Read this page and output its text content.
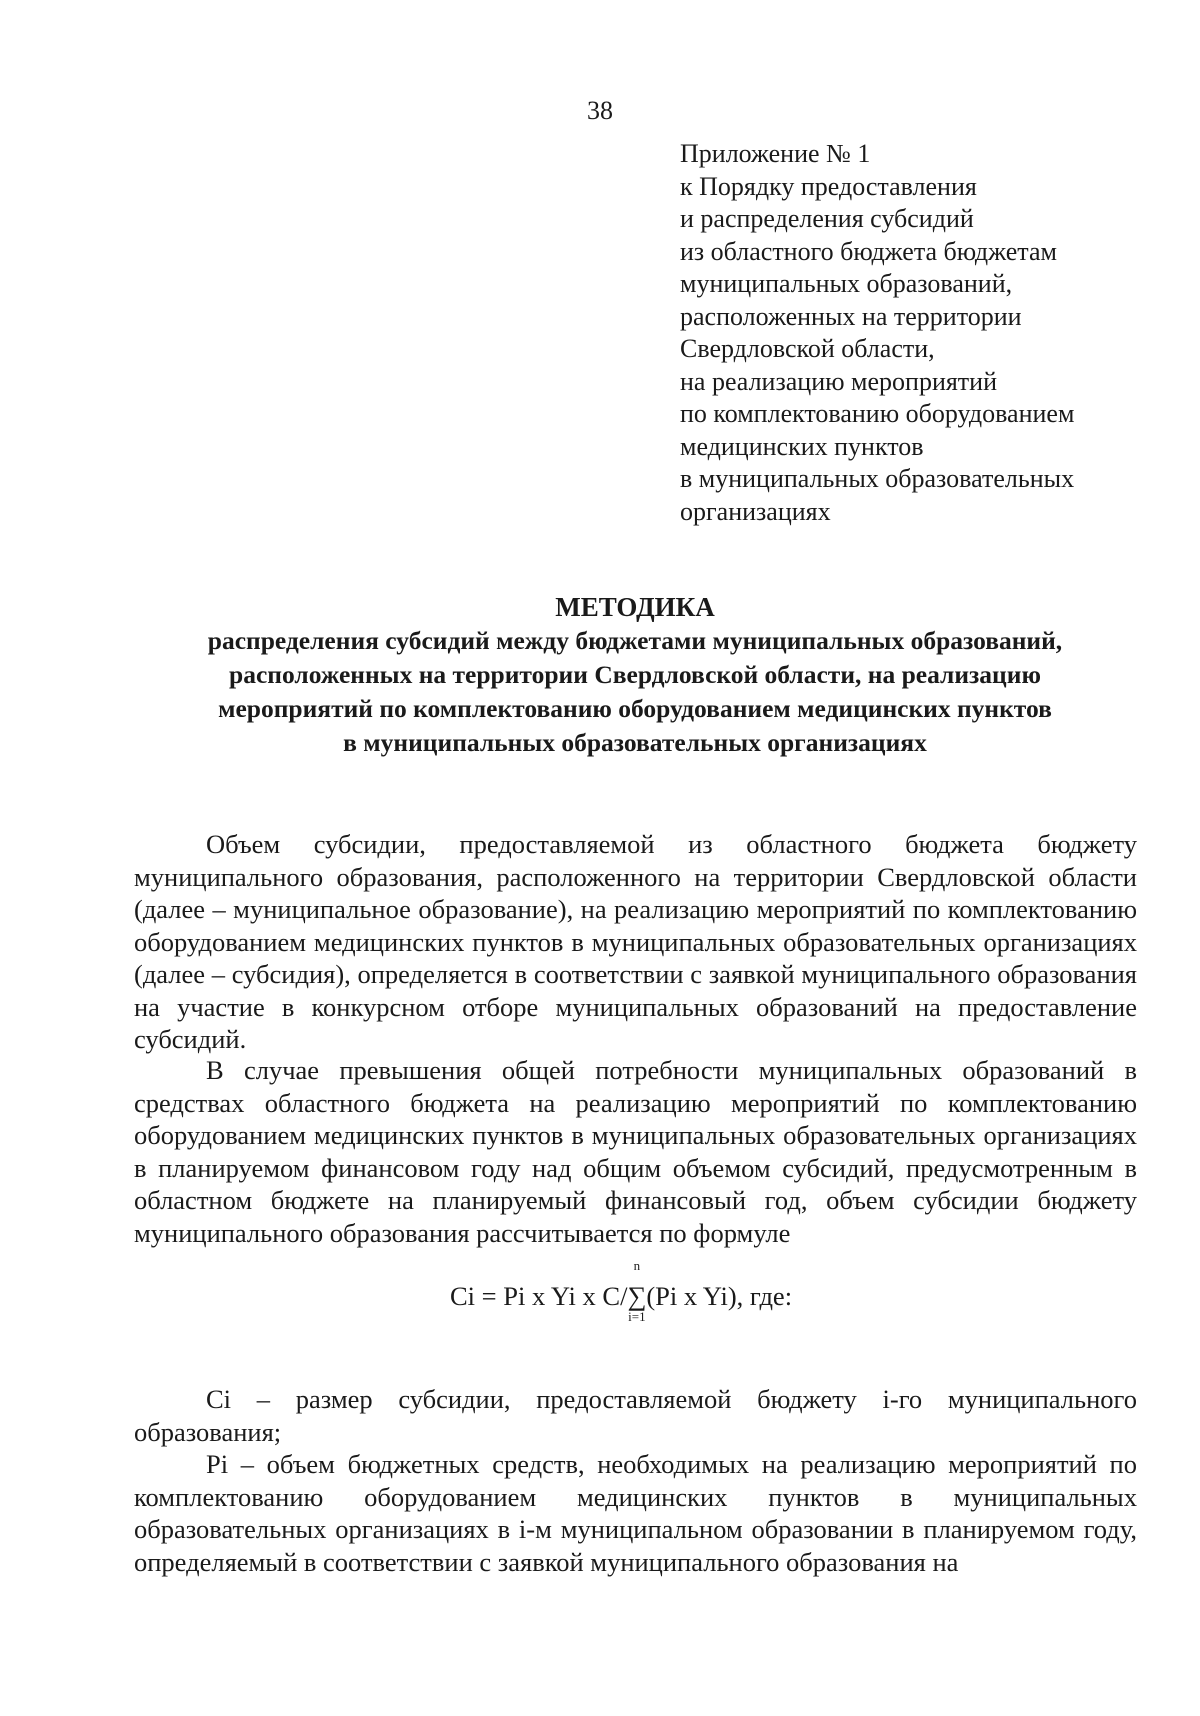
38
Приложение № 1
к Порядку предоставления
и распределения субсидий
из областного бюджета бюджетам
муниципальных образований,
расположенных на территории
Свердловской области,
на реализацию мероприятий
по комплектованию оборудованием
медицинских пунктов
в муниципальных образовательных
организациях
МЕТОДИКА
распределения субсидий между бюджетами муниципальных образований,
расположенных на территории Свердловской области, на реализацию
мероприятий по комплектованию оборудованием медицинских пунктов
в муниципальных образовательных организациях

Объем субсидии, предоставляемой из областного бюджета бюджету муниципального образования, расположенного на территории Свердловской области (далее – муниципальное образование), на реализацию мероприятий по комплектованию оборудованием медицинских пунктов в муниципальных образовательных организациях (далее – субсидия), определяется в соответствии с заявкой муниципального образования на участие в конкурсном отборе муниципальных образований на предоставление субсидий.

В случае превышения общей потребности муниципальных образований в средствах областного бюджета на реализацию мероприятий по комплектованию оборудованием медицинских пунктов в муниципальных образовательных организациях в планируемом финансовом году над общим объемом субсидий, предусмотренным в областном бюджете на планируемый финансовый год, объем субсидии бюджету муниципального образования рассчитывается по формуле

Ci = Pi x Yi x C/
n
∑
i=1
(Pi x Yi), где:

Ci – размер субсидии, предоставляемой бюджету i-го муниципального образования;

Pi – объем бюджетных средств, необходимых на реализацию мероприятий по комплектованию оборудованием медицинских пунктов в муниципальных образовательных организациях в i-м муниципальном образовании в планируемом году, определяемый в соответствии с заявкой муниципального образования на
